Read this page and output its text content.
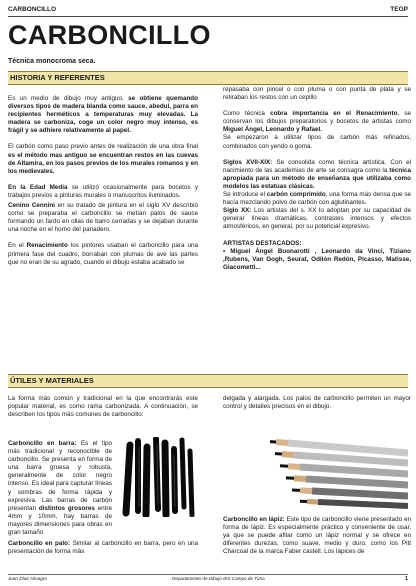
CARBONCILLO	TEGP
CARBONCILLO
Técnica monocroma seca.
HISTORIA Y REFERENTES

Es un medio de dibujo muy antiguo, se obtiene quemando diversos tipos de madera blanda como sauce, abedul, parra en recipientes herméticos a temperaturas muy elevadas. La madera se carboniza, coge un color negro muy intenso, es frágil y se adhiere relativamente al papel.

El carbón como paso previo antes de realización de una obra final es el método mas antiguo se encuentran restos en las cuevas de Altamira, en los pasos previos de los murales romanos y en los medievales.

En la Edad Media se utilizó ocasionalmente para bocetos y trabajos previos a pinturas murales o manuscritos iluminados.

Cenino Cennini en su tratado de pintura en el siglo XV describió como se preparaba el carboncillo se metían palos de sauce formando un fardo en ollas de barro cerradas y se dejaban durante una noche en el horno del panadero.

En el Renacimiento los pintores usaban el carboncillo para una primera fase del cuadro, borraban con plumas de ave las partes que no eran de su agrado, cuando el dibujo estaba acabado se

repasaba con pincel o con pluma o con punta de plata y se retiraban los restos con un cepillo

Como técnica cobra importancia en el Renacimiento, se conservan los dibujos preparatorios y bocetos de artistas como Miguel Ángel, Leonardo y Rafael.

Se empezaron a utilizar tipos de carbón más refinados, combinados con yendo o goma.

Siglos XVII-XIX: Se consolida como técnica artística. Con el nacimiento de las academias de arte se consagra como la técnica apropiada para un método de enseñanza que utilizaba como modelos las estatuas clásicas.

Se introduce el carbón comprimido, una forma más densa que se hacía mezclando polvo de carbón con aglutinantes.

Siglo XX: Los artistas del s. XX lo adoptan por su capacidad de generar líneas dramáticas, contrastes intensos y efectos atmosféricos, en general, por su potencial expresivo.

ARTISTAS DESTACADOS:

• Miguel Ángel Buonarotti , Leonardo da Vinci, Tiziano ,Rubens, Van Gogh, Seurat, Odilón Redón, Picasso, Matisse, Giacometti...

ÚTILES Y MATERIALES

La forma más común y tradicional en la que encontrarás este popular material, es como rama carbonizada. A continuación, se describen los tipos más comunes de carboncillo:

Carboncillo en barra: Es el tipo más tradicional y reconocible de carboncillo. Se presenta en forma de una barra gruesa y robusta, generalmente de color negro intenso. Es ideal para capturar líneas y sombras de forma rápida y expresiva. Las barras de carbón presentan distintos grosores entre 4mm y 10mm, hay barras de mayores dimensiones para obras en gran tamaño

Carboncillo en palo: Similar al carboncillo en barra, pero en una presentación de forma más

delgada y alargada. Los palos de carboncillo permiten un mayor control y detalles precisos en el dibujo.

Carboncillo en lápiz: Este tipo de carboncillo viene presentado en forma de lápiz. Es especialmente práctico y conveniente de usar, ya que se puede afilar como un lápiz normal y se ofrece en diferentes durezas, como suave, medio y duro, como los Pitt Charcoal de la marca Faber castell. Los lápices de

Juan Díaz Almagro	Departamento de Dibujo IES Campo de Túria	1
